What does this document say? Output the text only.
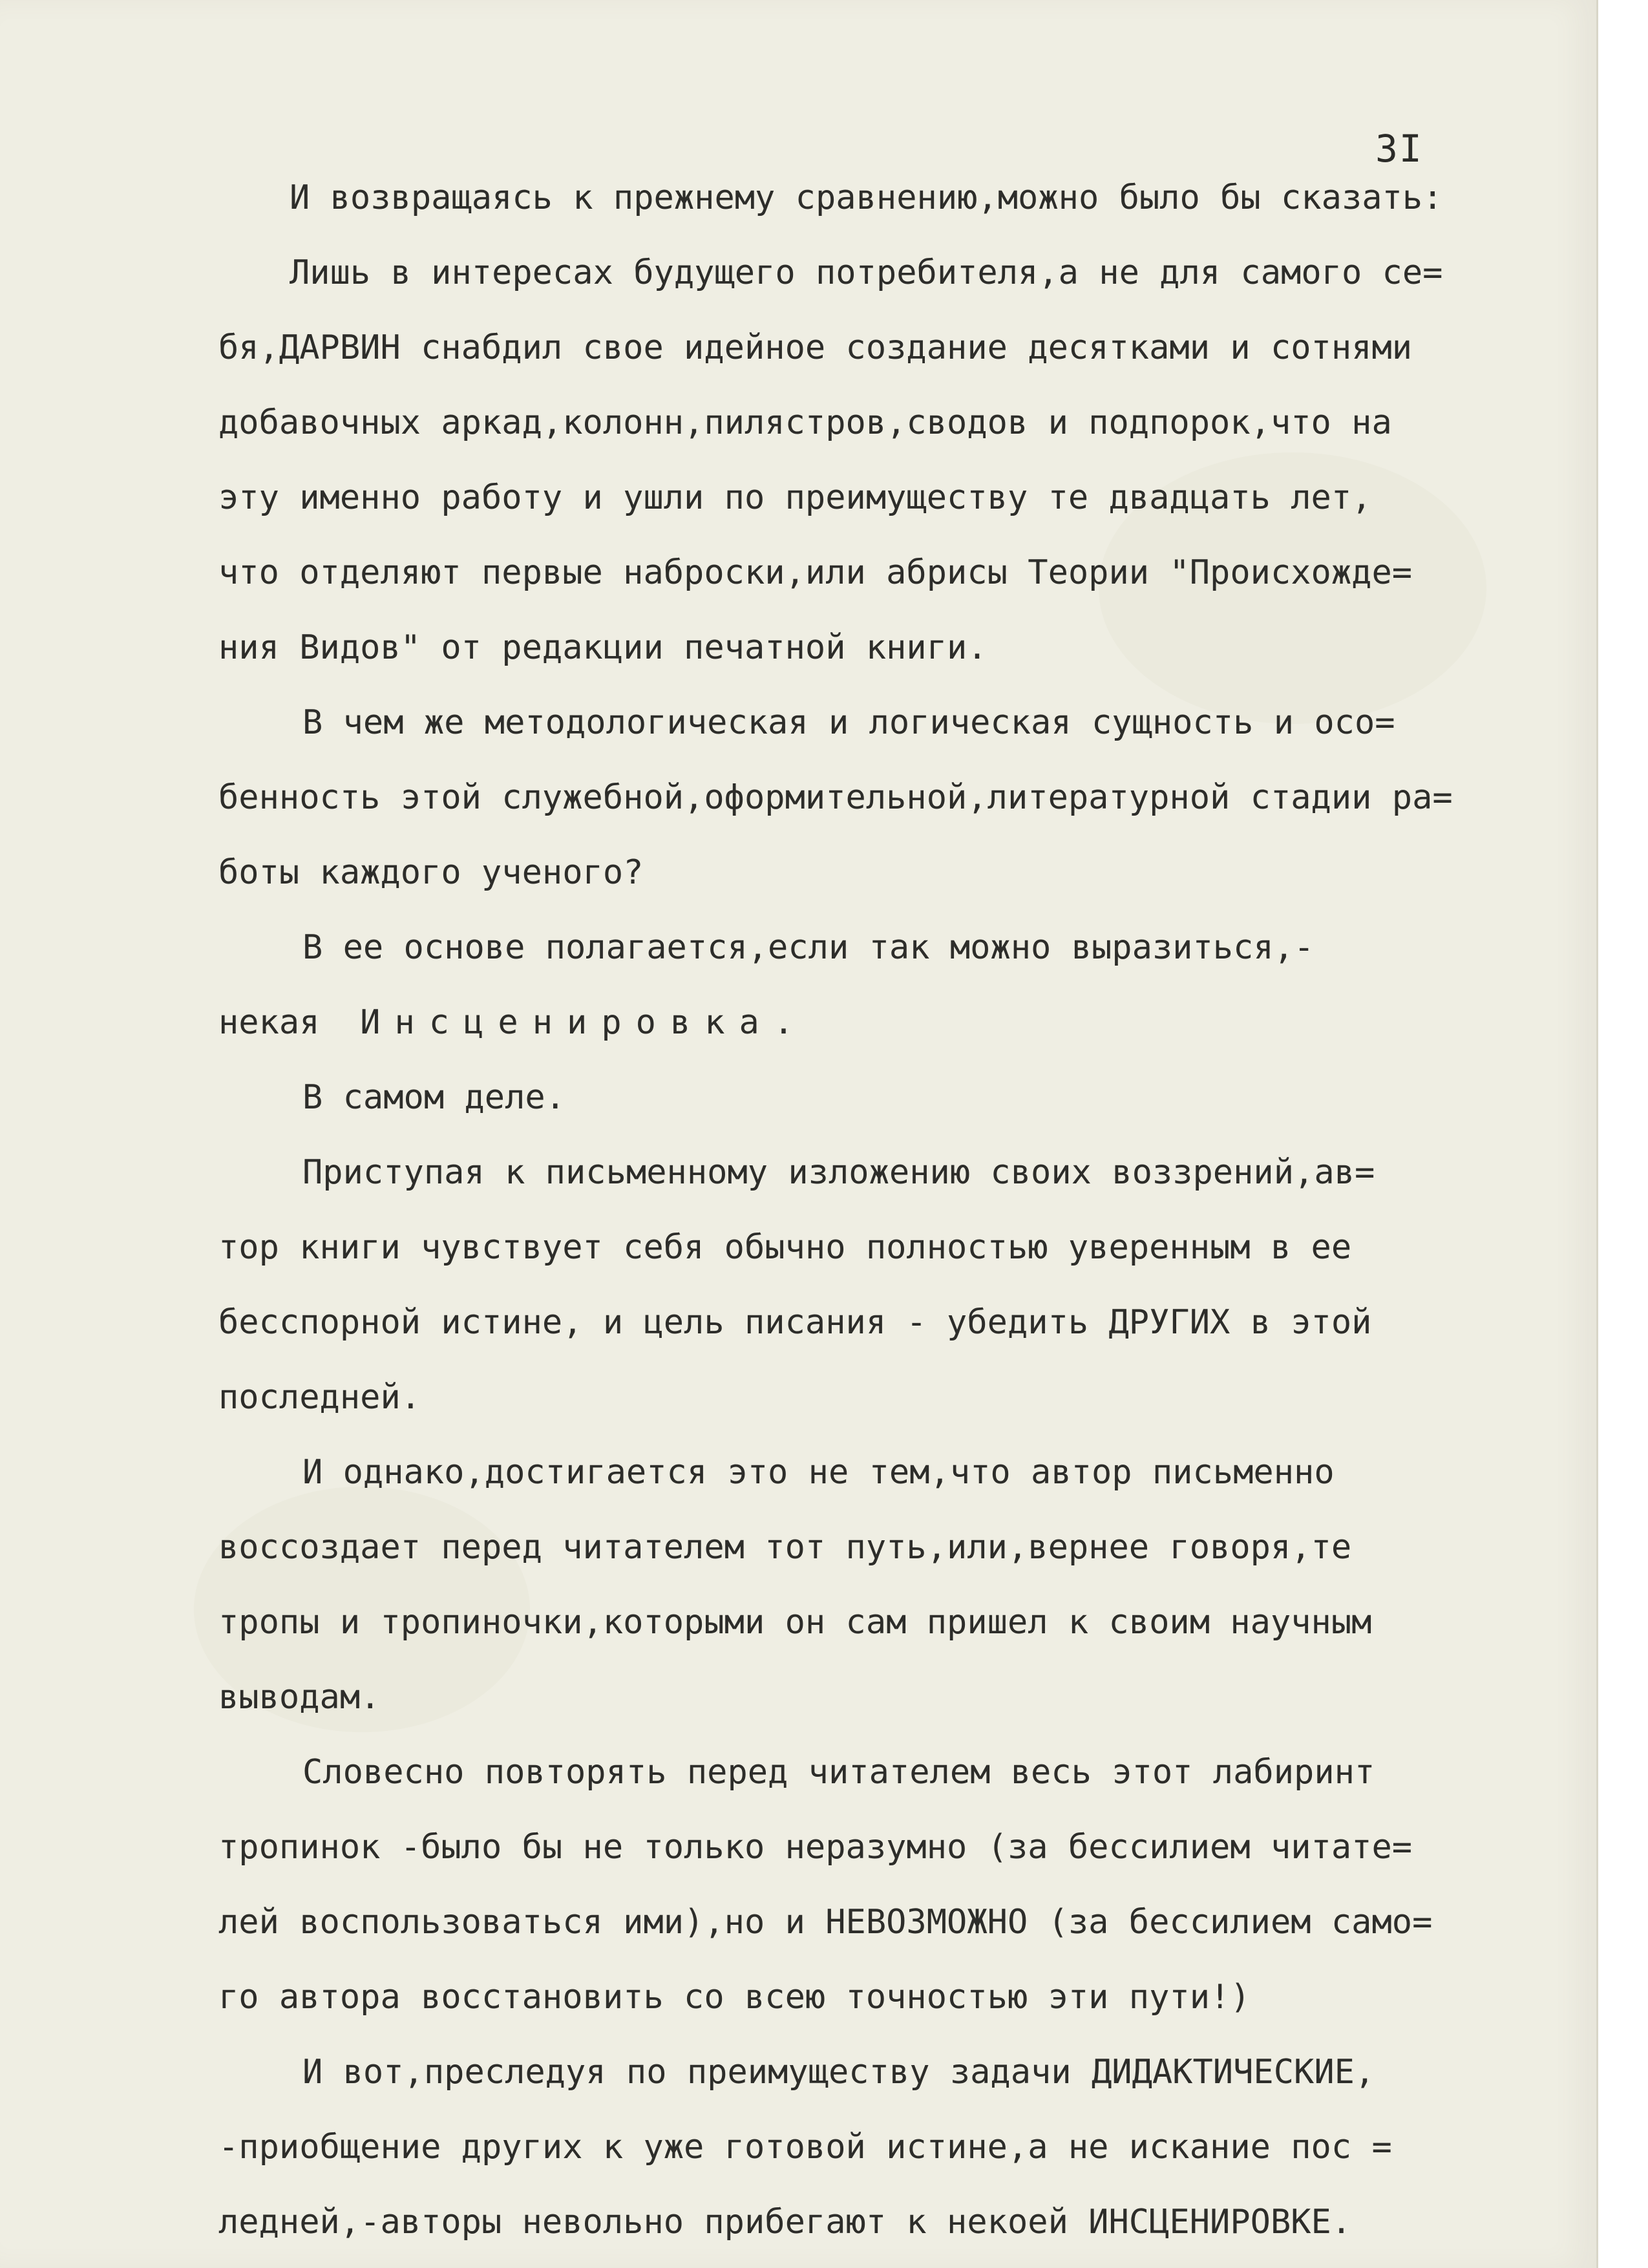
3I
И возвращаясь к прежнему сравнению,можно было бы сказать:
Лишь в интересах будущего потребителя,а не для самого се=
бя,ДАРВИН снабдил свое идейное создание десятками и сотнями
добавочных аркад,колонн,пилястров,сводов и подпорок,что на
эту именно работу и ушли по преимуществу те двадцать лет,
что отделяют первые наброски,или абрисы Теории "Происхожде=
ния Видов" от редакции печатной книги.
В чем же методологическая и логическая сущность и осо=
бенность этой служебной,оформительной,литературной стадии ра=
боты каждого ученого?
В ее основе полагается,если так можно выразиться,-
некая Инсценировка.
В самом деле.
Приступая к письменному изложению своих воззрений,ав=
тор книги чувствует себя обычно полностью уверенным в ее
бесспорной истине, и цель писания - убедить ДРУГИХ в этой
последней.
И однако,достигается это не тем,что автор письменно
воссоздает перед читателем тот путь,или,вернее говоря,те
тропы и тропиночки,которыми он сам пришел к своим научным
выводам.
Словесно повторять перед читателем весь этот лабиринт
тропинок -было бы не только неразумно (за бессилием читате=
лей воспользоваться ими),но и НЕВОЗМОЖНО (за бессилием само=
го автора восстановить со всею точностью эти пути!)
И вот,преследуя по преимуществу задачи ДИДАКТИЧЕСКИЕ,
-приобщение других к уже готовой истине,а не искание пос =
ледней,-авторы невольно прибегают к некоей ИНСЦЕНИРОВКЕ.
